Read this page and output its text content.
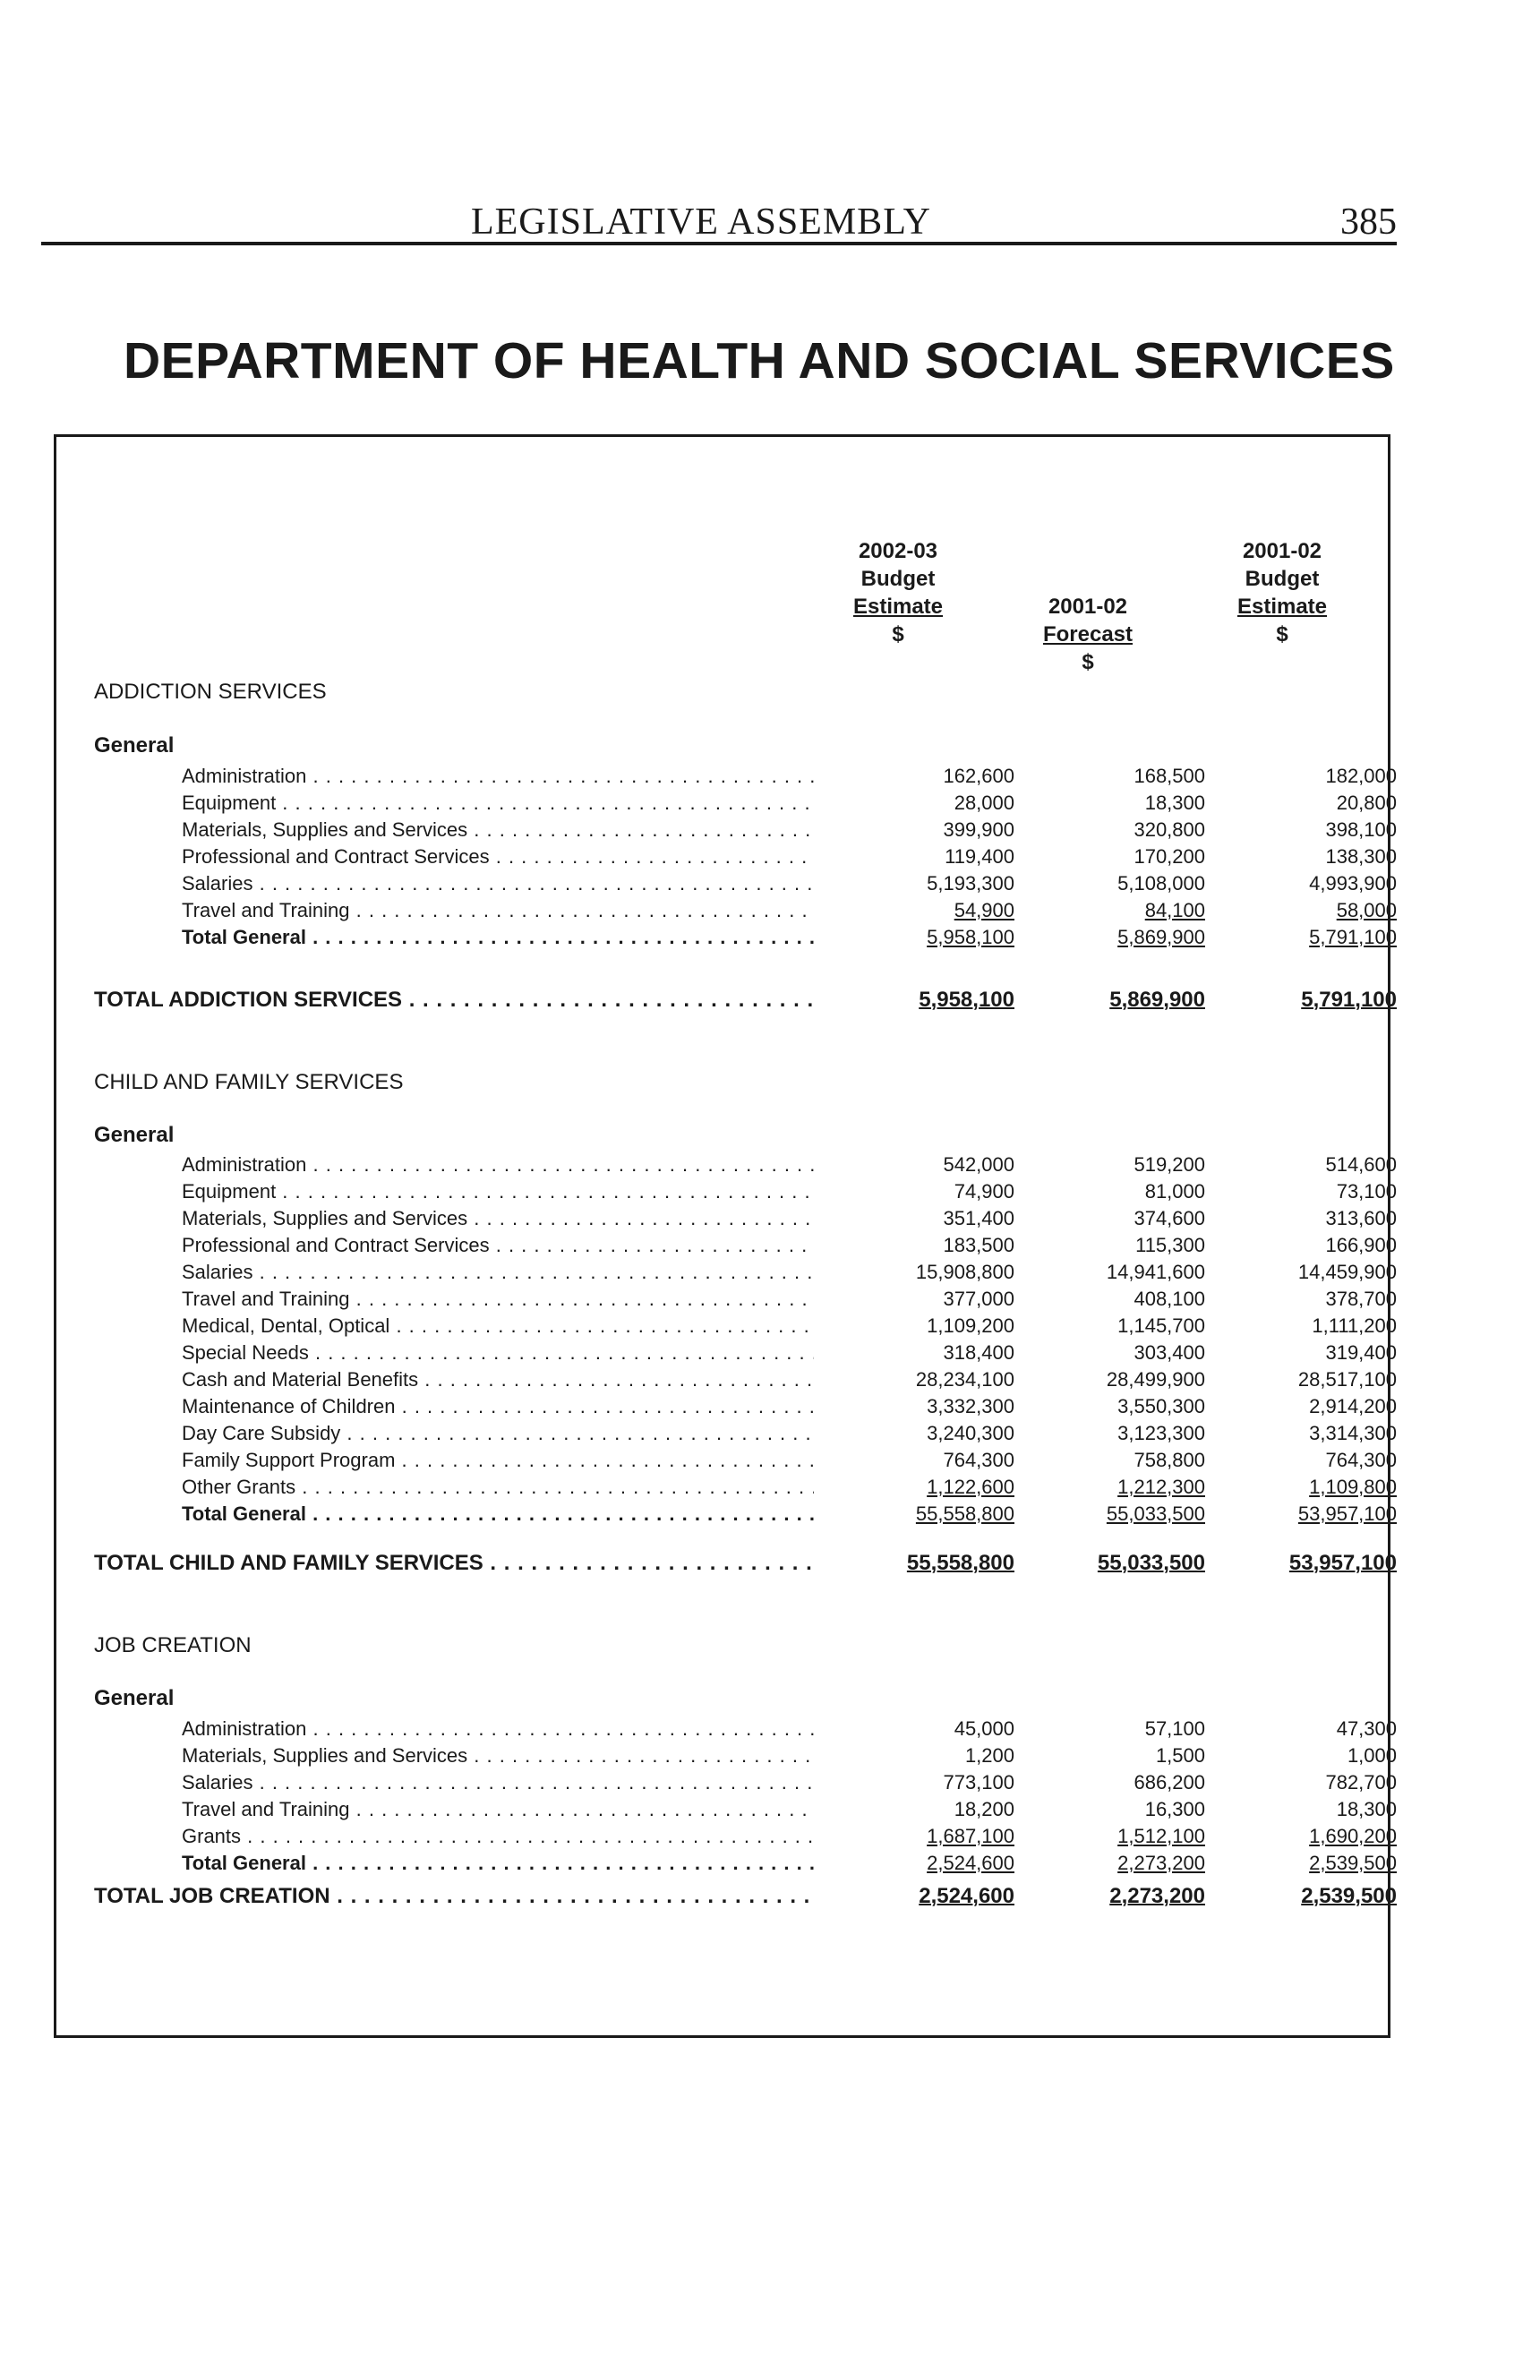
LEGISLATIVE ASSEMBLY	385
DEPARTMENT OF HEALTH AND SOCIAL SERVICES
2002-03
Budget
Estimate
$
2001-02
Forecast
$
2001-02
Budget
Estimate
$
ADDICTION SERVICES
General
Administration . . .	162,600	168,500	182,000
Equipment . . .	28,000	18,300	20,800
Materials, Supplies and Services . . .	399,900	320,800	398,100
Professional and Contract Services . . .	119,400	170,200	138,300
Salaries . . .	5,193,300	5,108,000	4,993,900
Travel and Training . . .	54,900	84,100	58,000
Total General . . .	5,958,100	5,869,900	5,791,100
TOTAL ADDICTION SERVICES . . .	5,958,100	5,869,900	5,791,100
CHILD AND FAMILY SERVICES
General
Administration . . .	542,000	519,200	514,600
Equipment . . .	74,900	81,000	73,100
Materials, Supplies and Services . . .	351,400	374,600	313,600
Professional and Contract Services . . .	183,500	115,300	166,900
Salaries . . .	15,908,800	14,941,600	14,459,900
Travel and Training . . .	377,000	408,100	378,700
Medical, Dental, Optical . . .	1,109,200	1,145,700	1,111,200
Special Needs . . .	318,400	303,400	319,400
Cash and Material Benefits . . .	28,234,100	28,499,900	28,517,100
Maintenance of Children . . .	3,332,300	3,550,300	2,914,200
Day Care Subsidy . . .	3,240,300	3,123,300	3,314,300
Family Support Program . . .	764,300	758,800	764,300
Other Grants . . .	1,122,600	1,212,300	1,109,800
Total General . . .	55,558,800	55,033,500	53,957,100
TOTAL CHILD AND FAMILY SERVICES . . .	55,558,800	55,033,500	53,957,100
JOB CREATION
General
Administration . . .	45,000	57,100	47,300
Materials, Supplies and Services . . .	1,200	1,500	1,000
Salaries . . .	773,100	686,200	782,700
Travel and Training . . .	18,200	16,300	18,300
Grants . . .	1,687,100	1,512,100	1,690,200
Total General . . .	2,524,600	2,273,200	2,539,500
TOTAL JOB CREATION . . .	2,524,600	2,273,200	2,539,500
